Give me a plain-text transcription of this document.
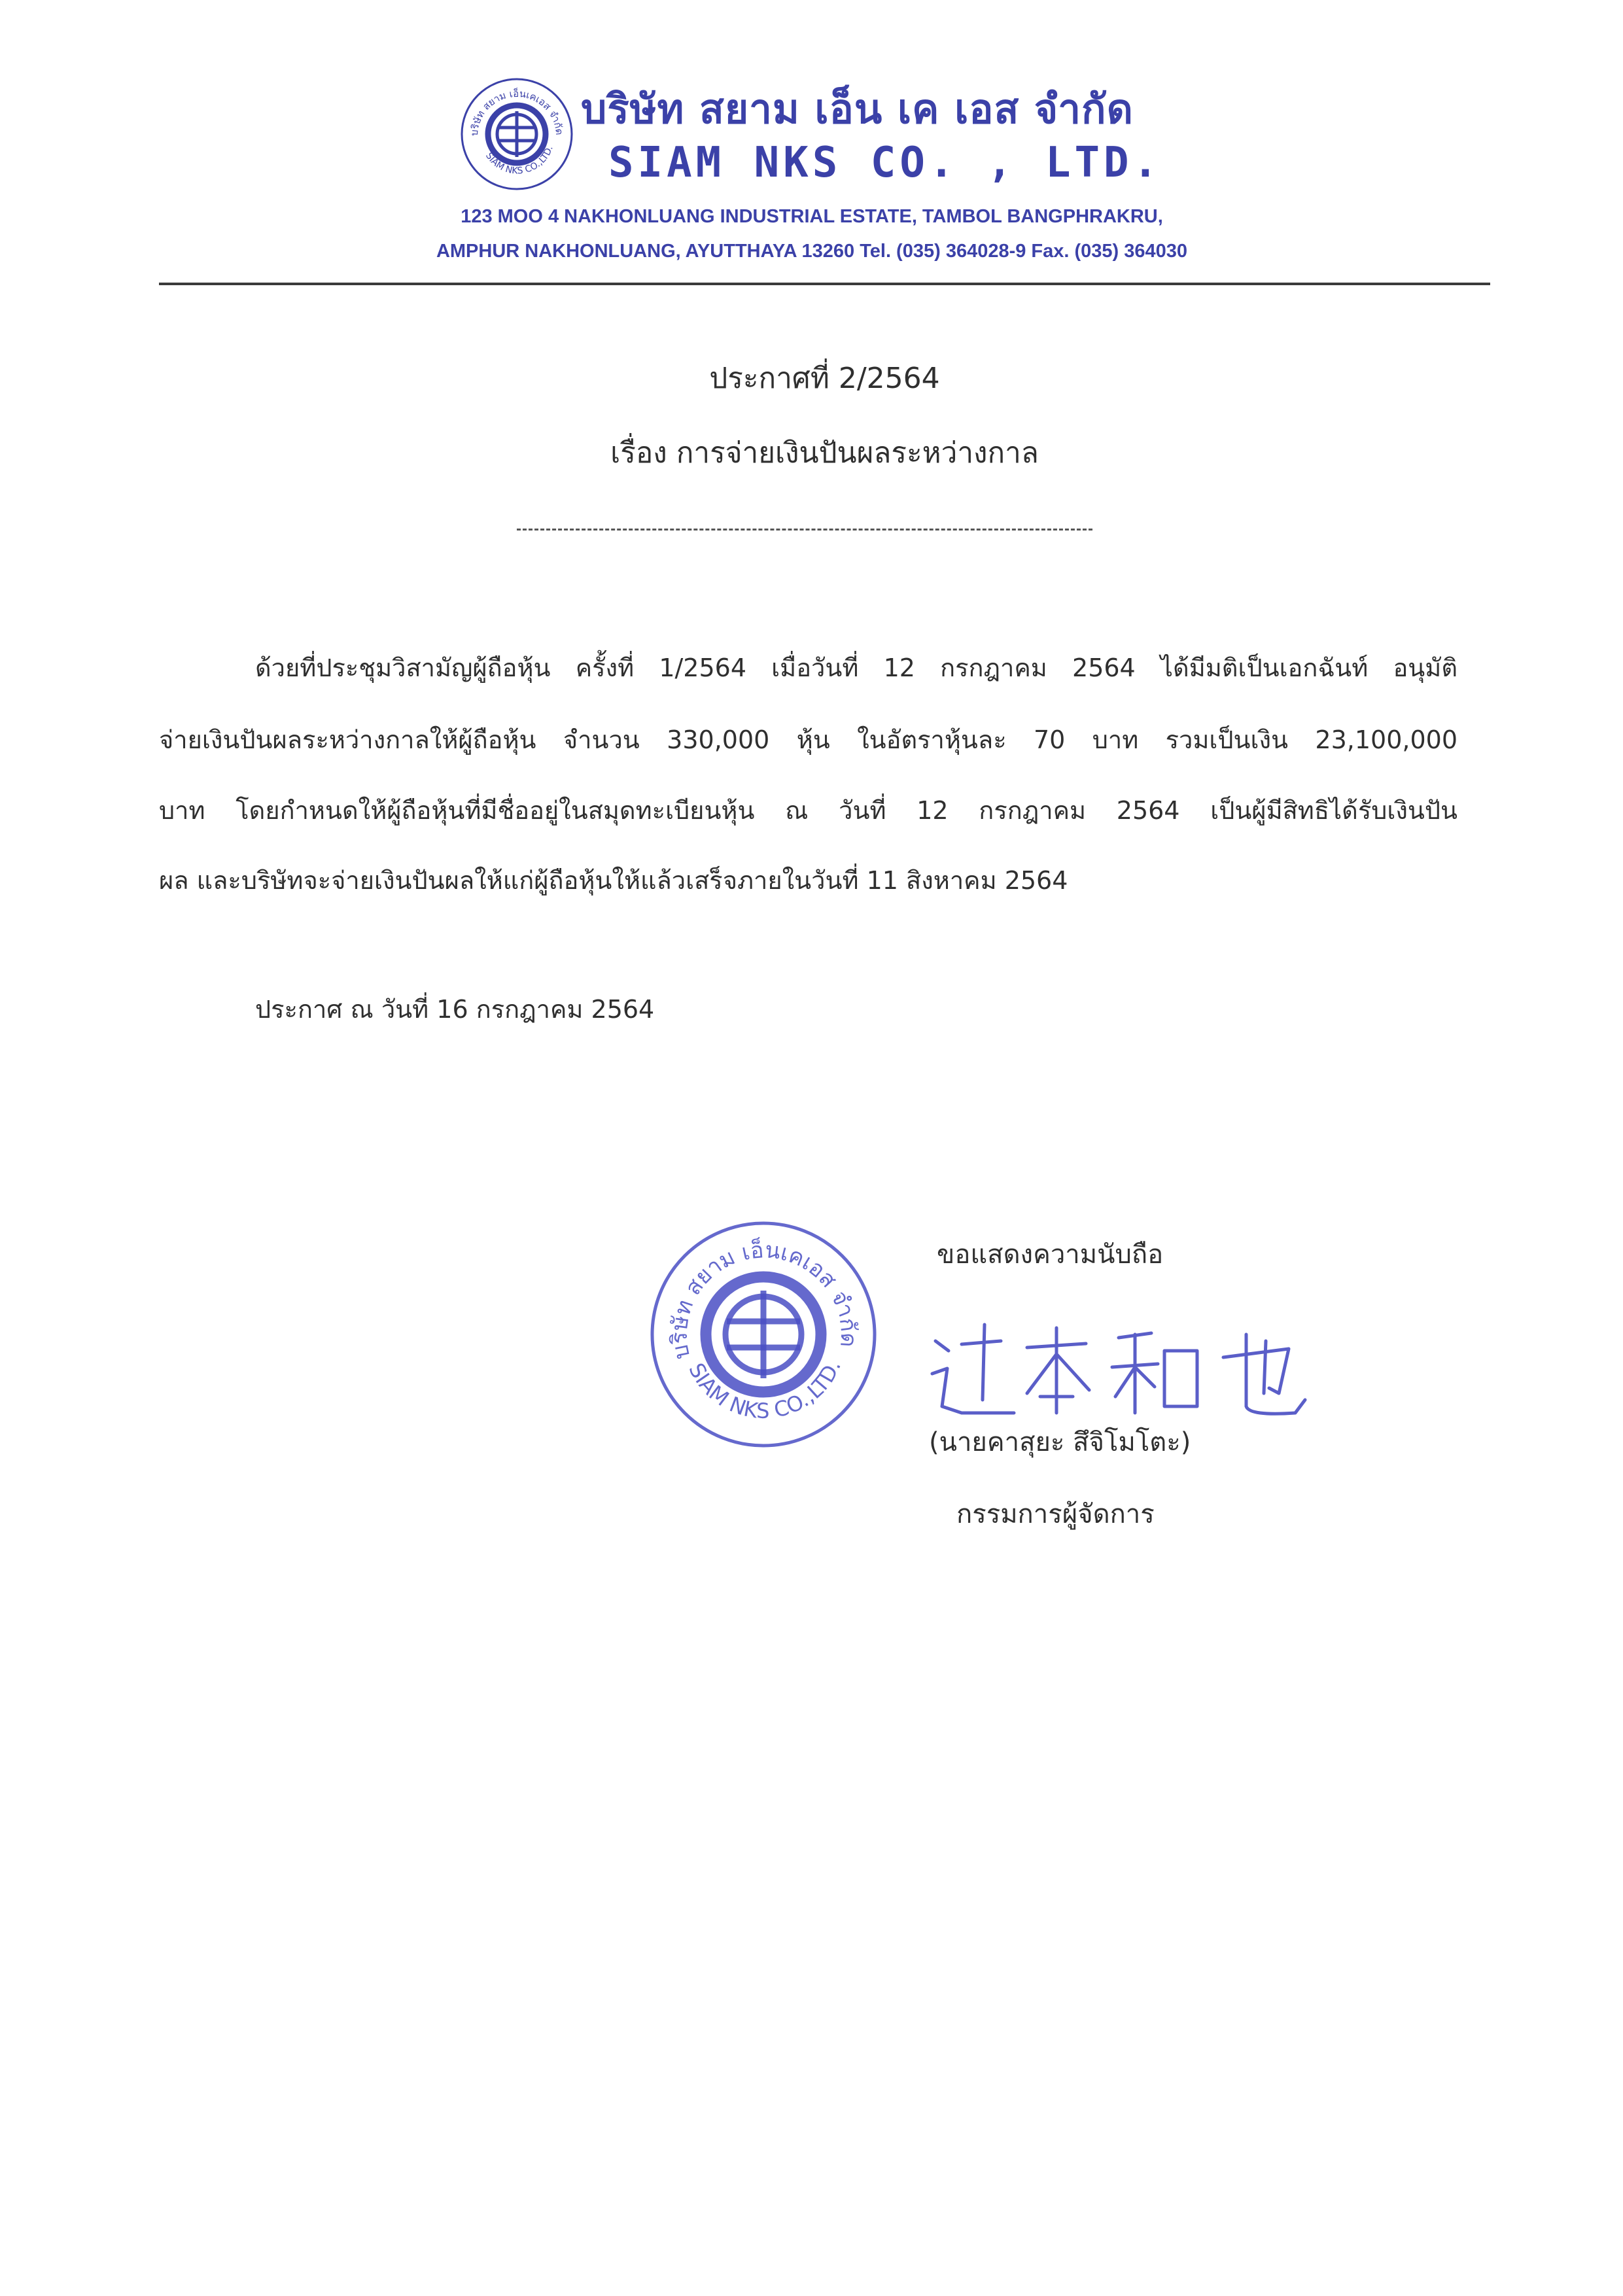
บริษัท สยาม เอ็นเคเอส จำกัด
SIAM NKS CO.,LTD.
บริษัท สยาม เอ็น เค เอส จำกัด
SIAM NKS CO. , LTD.
123 MOO 4 NAKHONLUANG INDUSTRIAL ESTATE, TAMBOL BANGPHRAKRU,
AMPHUR NAKHONLUANG, AYUTTHAYA 13260 Tel. (035) 364028-9 Fax. (035) 364030
ประกาศที่ 2/2564
เรื่อง การจ่ายเงินปันผลระหว่างกาล
ด้วยที่ประชุมวิสามัญผู้ถือหุ้น ครั้งที่ 1/2564 เมื่อวันที่ 12 กรกฎาคม 2564 ได้มีมติเป็นเอกฉันท์ อนุมัติ
จ่ายเงินปันผลระหว่างกาลให้ผู้ถือหุ้น จำนวน 330,000 หุ้น ในอัตราหุ้นละ 70 บาท รวมเป็นเงิน 23,100,000
บาท โดยกำหนดให้ผู้ถือหุ้นที่มีชื่ออยู่ในสมุดทะเบียนหุ้น ณ วันที่ 12 กรกฎาคม 2564 เป็นผู้มีสิทธิได้รับเงินปัน
ผล และบริษัทจะจ่ายเงินปันผลให้แก่ผู้ถือหุ้นให้แล้วเสร็จภายในวันที่ 11 สิงหาคม 2564
ประกาศ ณ วันที่ 16 กรกฎาคม 2564
ขอแสดงความนับถือ
บริษัท สยาม เอ็นเคเอส จำกัด
SIAM NKS CO.,LTD.
(นายคาสุยะ สึจิโมโตะ)
กรรมการผู้จัดการ
